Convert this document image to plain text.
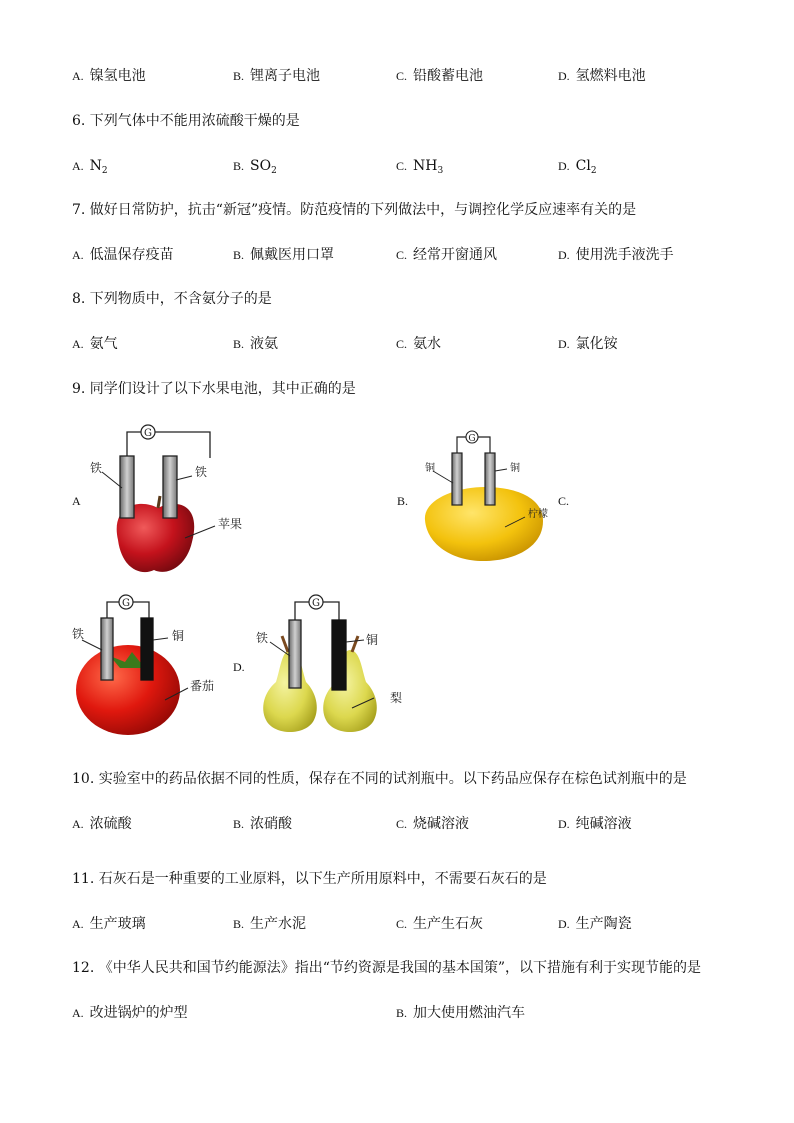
A. 镍氢电池	B. 锂离子电池	C. 铅酸蓄电池	D. 氢燃料电池
6. 下列气体中不能用浓硫酸干燥的是
A. $N_2$	B. $SO_2$	C. $NH_3$	D. $Cl_2$
7. 做好日常防护，抗击“新冠”疫情。防范疫情的下列做法中，与调控化学反应速率有关的是
A. 低温保存疫苗	B. 佩戴医用口罩	C. 经常开窗通风	D. 使用洗手液洗手
8. 下列物质中，不含氨分子的是
A. 氨气	B. 液氨	C. 氨水	D. 氯化铵
9. 同学们设计了以下水果电池，其中正确的是
A
G
铁	铁
苹果
B.
G
铜	铜
柠檬
C.
G
铁	铜
番茄
D.
G
铁	铜
梨
10. 实验室中的药品依据不同的性质，保存在不同的试剂瓶中。以下药品应保存在棕色试剂瓶中的是
A. 浓硫酸	B. 浓硝酸	C. 烧碱溶液	D. 纯碱溶液
11. 石灰石是一种重要的工业原料，以下生产所用原料中，不需要石灰石的是
A. 生产玻璃	B. 生产水泥	C. 生产生石灰	D. 生产陶瓷
12. 《中华人民共和国节约能源法》指出“节约资源是我国的基本国策”，以下措施有利于实现节能的是
A. 改进锅炉的炉型	B. 加大使用燃油汽车
